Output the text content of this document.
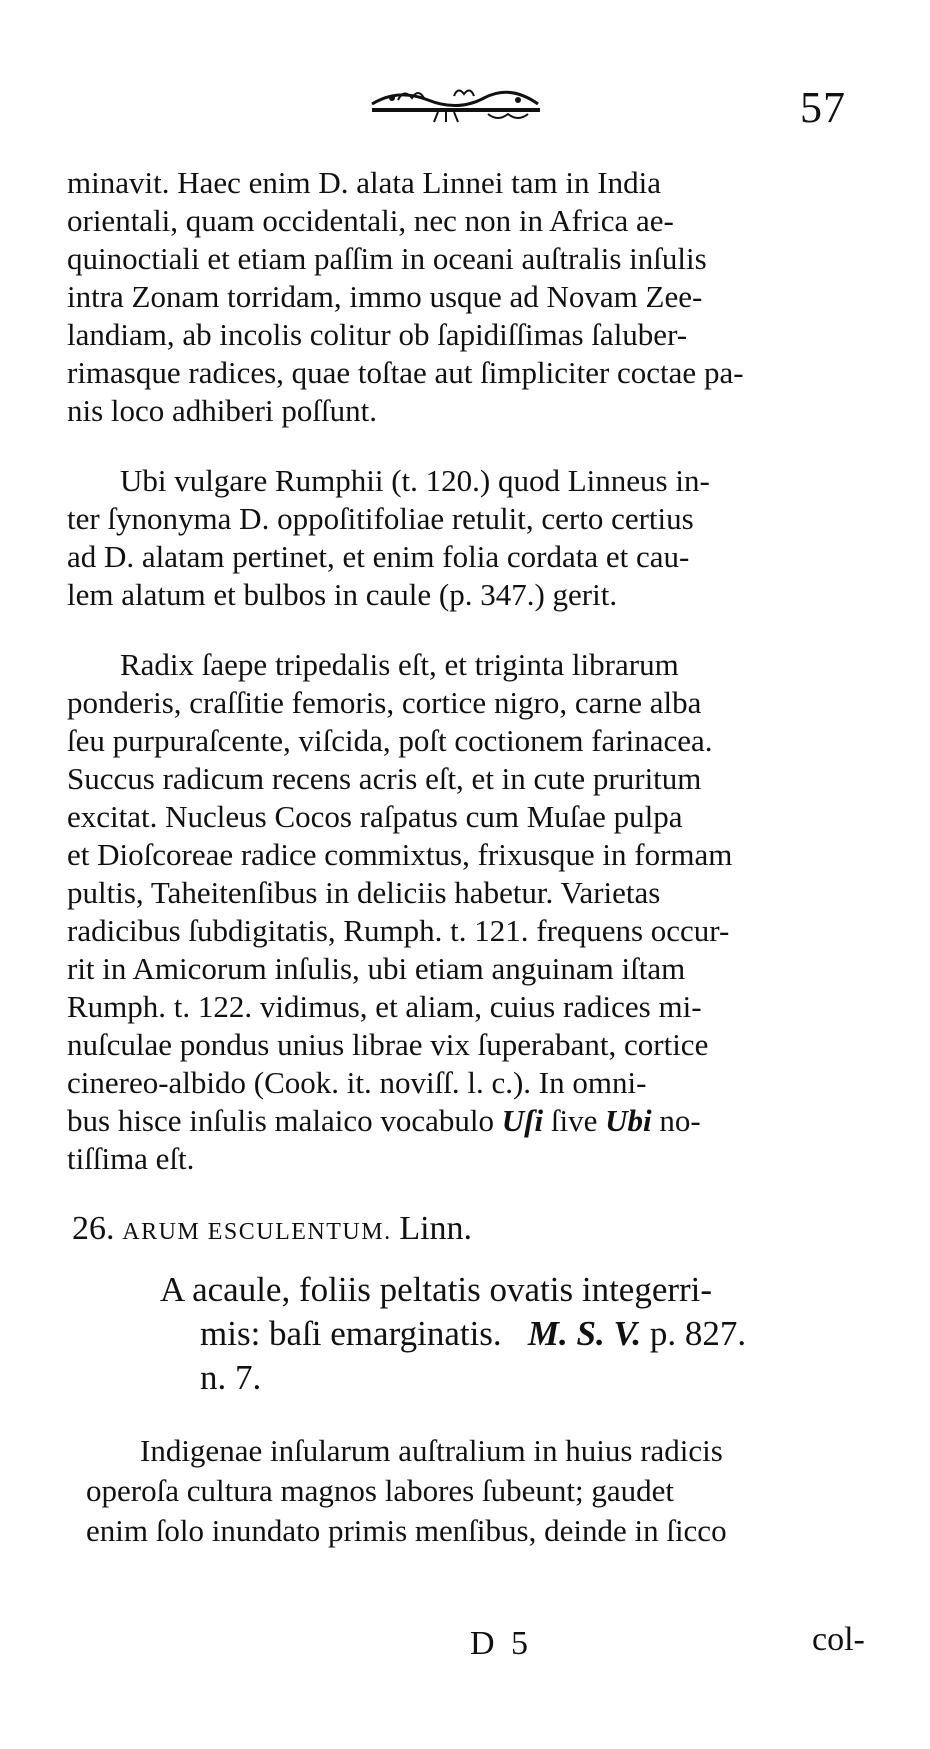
57
minavit. Haec enim D. alata Linnei tam in India
orientali, quam occidentali, nec non in Africa ae-
quinoctiali et etiam paſſim in oceani auſtralis inſulis
intra Zonam torridam, immo usque ad Novam Zee-
landiam, ab incolis colitur ob ſapidiſſimas ſaluber-
rimasque radices, quae toſtae aut ſimpliciter coctae pa-
nis loco adhiberi poſſunt.
Ubi vulgare Rumphii (t. 120.) quod Linneus in-
ter ſynonyma D. oppoſitifoliae retulit, certo certius
ad D. alatam pertinet, et enim folia cordata et cau-
lem alatum et bulbos in caule (p. 347.) gerit.
Radix ſaepe tripedalis eſt, et triginta librarum
ponderis, craſſitie femoris, cortice nigro, carne alba
ſeu purpuraſcente, viſcida, poſt coctionem farinacea.
Succus radicum recens acris eſt, et in cute pruritum
excitat. Nucleus Cocos raſpatus cum Muſae pulpa
et Dioſcoreae radice commixtus, frixusque in formam
pultis, Taheitenſibus in deliciis habetur. Varietas
radicibus ſubdigitatis, Rumph. t. 121. frequens occur-
rit in Amicorum inſulis, ubi etiam anguinam iſtam
Rumph. t. 122. vidimus, et aliam, cuius radices mi-
nuſculae pondus unius librae vix ſuperabant, cortice
cinereo-albido (Cook. it. noviſſ. l. c.). In omni-
bus hisce inſulis malaico vocabulo Uſi ſive Ubi no-
tiſſima eſt.
26. ARUM ESCULENTUM. Linn.
A acaule, foliis peltatis ovatis integerri-
mis: baſi emarginatis. M. S. V. p. 827.
n. 7.
Indigenae inſularum auſtralium in huius radicis
operoſa cultura magnos labores ſubeunt; gaudet
enim ſolo inundato primis menſibus, deinde in ſicco
D 5	col-
